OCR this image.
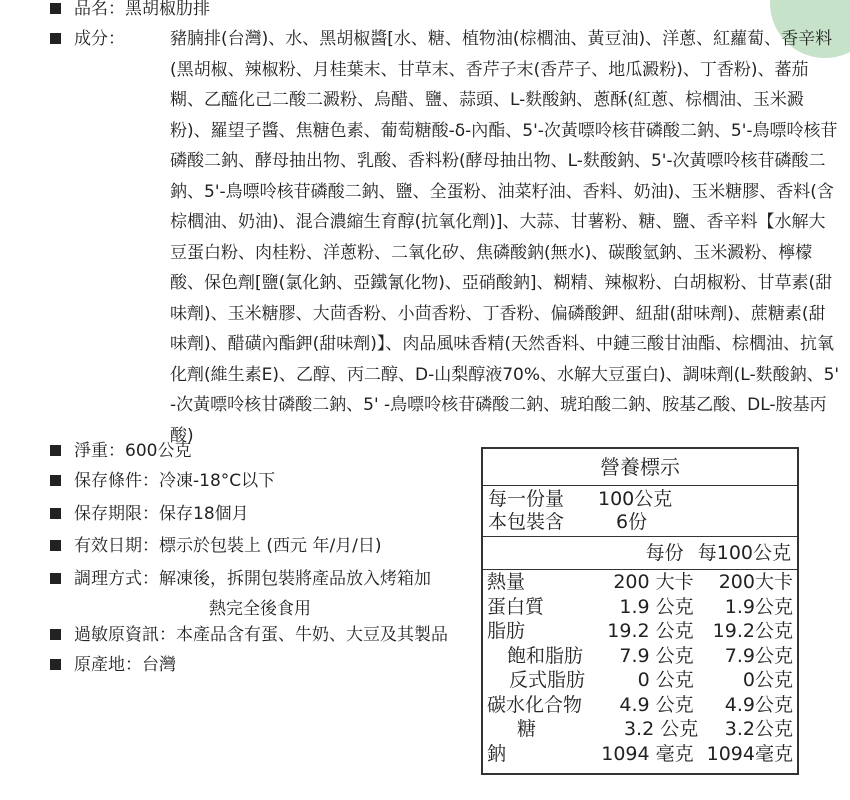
品名： 黑胡椒肋排
成分：	豬腩排(台灣)、水、黑胡椒醬[水、糖、植物油(棕櫚油、黃豆油)、洋蔥、紅蘿蔔、香辛料(黑胡椒、辣椒粉、月桂葉末、甘草末、香芹子末(香芹子、地瓜澱粉)、丁香粉)、蕃茄糊、乙醯化己二酸二澱粉、烏醋、鹽、蒜頭、L-麩酸鈉、蔥酥(紅蔥、棕櫚油、玉米澱粉)、羅望子醬、焦糖色素、葡萄糖酸-δ-內酯、5'-次黃嘌呤核苷磷酸二鈉、5'-鳥嘌呤核苷磷酸二鈉、酵母抽出物、乳酸、香料粉(酵母抽出物、L-麩酸鈉、5'-次黃嘌呤核苷磷酸二鈉、5'-鳥嘌呤核苷磷酸二鈉、鹽、全蛋粉、油菜籽油、香料、奶油)、玉米糖膠、香料(含棕櫚油、奶油)、混合濃縮生育醇(抗氧化劑)]、大蒜、甘薯粉、糖、鹽、香辛料【水解大豆蛋白粉、肉桂粉、洋蔥粉、二氧化矽、焦磷酸鈉(無水)、碳酸氫鈉、玉米澱粉、檸檬酸、保色劑[鹽(氯化鈉、亞鐵氰化物)、亞硝酸鈉]、糊精、辣椒粉、白胡椒粉、甘草素(甜味劑)、玉米糖膠、大茴香粉、小茴香粉、丁香粉、偏磷酸鉀、紐甜(甜味劑)、蔗糖素(甜味劑)、醋磺內酯鉀(甜味劑)】、肉品風味香精(天然香料、中鏈三酸甘油酯、棕櫚油、抗氧化劑(維生素E)、乙醇、丙二醇、D-山梨醇液70%、水解大豆蛋白)、調味劑(L-麩酸鈉、5' -次黃嘌呤核甘磷酸二鈉、5' -鳥嘌呤核苷磷酸二鈉、琥珀酸二鈉、胺基乙酸、DL-胺基丙酸)
淨重：600公克
保存條件：冷凍-18°C以下
保存期限：保存18個月
有效日期：標示於包裝上 (西元 年/月/日)
調理方式： 解凍後，拆開包裝將產品放入烤箱加
熱完全後食用
過敏原資訊：本產品含有蛋、牛奶、大豆及其製品
原產地：台灣
營養標示
每一份量	100公克
本包裝含	6份
每份 每100公克
熱量	200 大卡	200大卡
蛋白質	1.9 公克	1.9公克
脂肪	19.2 公克	19.2公克
飽和脂肪	7.9 公克	7.9公克
反式脂肪	0 公克	0公克
碳水化合物	4.9 公克	4.9公克
糖	3.2 公克	3.2公克
鈉	1094 毫克 1094毫克
